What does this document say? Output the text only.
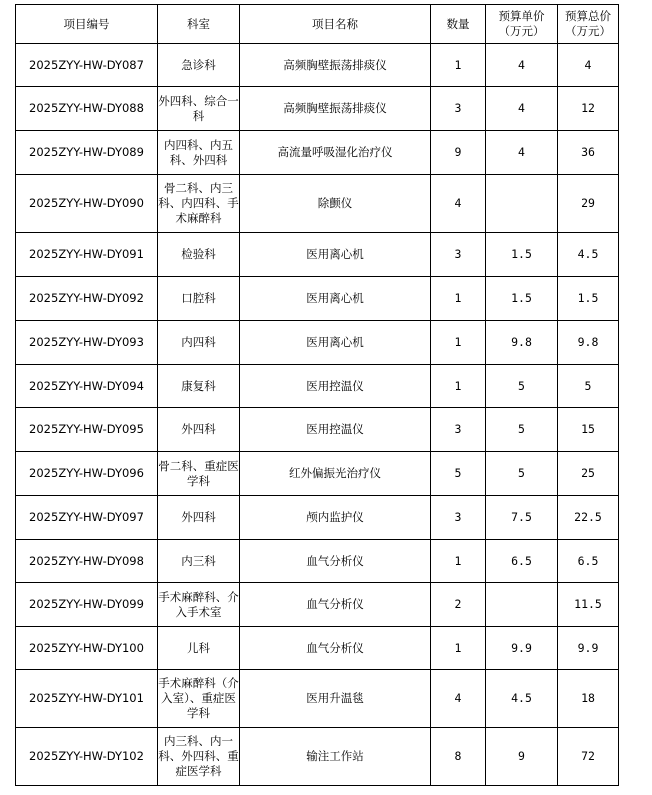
项目编号	科室	项目名称	数量	预算单价（万元）	预算总价（万元）
2025ZYY-HW-DY087	急诊科	高频胸壁振荡排痰仪	1	4	4
2025ZYY-HW-DY088	外四科、综合一科	高频胸壁振荡排痰仪	3	4	12
2025ZYY-HW-DY089	内四科、内五科、外四科	高流量呼吸湿化治疗仪	9	4	36
2025ZYY-HW-DY090	骨二科、内三科、内四科、手术麻醉科	除颤仪	4		29
2025ZYY-HW-DY091	检验科	医用离心机	3	1.5	4.5
2025ZYY-HW-DY092	口腔科	医用离心机	1	1.5	1.5
2025ZYY-HW-DY093	内四科	医用离心机	1	9.8	9.8
2025ZYY-HW-DY094	康复科	医用控温仪	1	5	5
2025ZYY-HW-DY095	外四科	医用控温仪	3	5	15
2025ZYY-HW-DY096	骨二科、重症医学科	红外偏振光治疗仪	5	5	25
2025ZYY-HW-DY097	外四科	颅内监护仪	3	7.5	22.5
2025ZYY-HW-DY098	内三科	血气分析仪	1	6.5	6.5
2025ZYY-HW-DY099	手术麻醉科、介入手术室	血气分析仪	2		11.5
2025ZYY-HW-DY100	儿科	血气分析仪	1	9.9	9.9
2025ZYY-HW-DY101	手术麻醉科（介入室）、重症医学科	医用升温毯	4	4.5	18
2025ZYY-HW-DY102	内三科、内一科、外四科、重症医学科	输注工作站	8	9	72
